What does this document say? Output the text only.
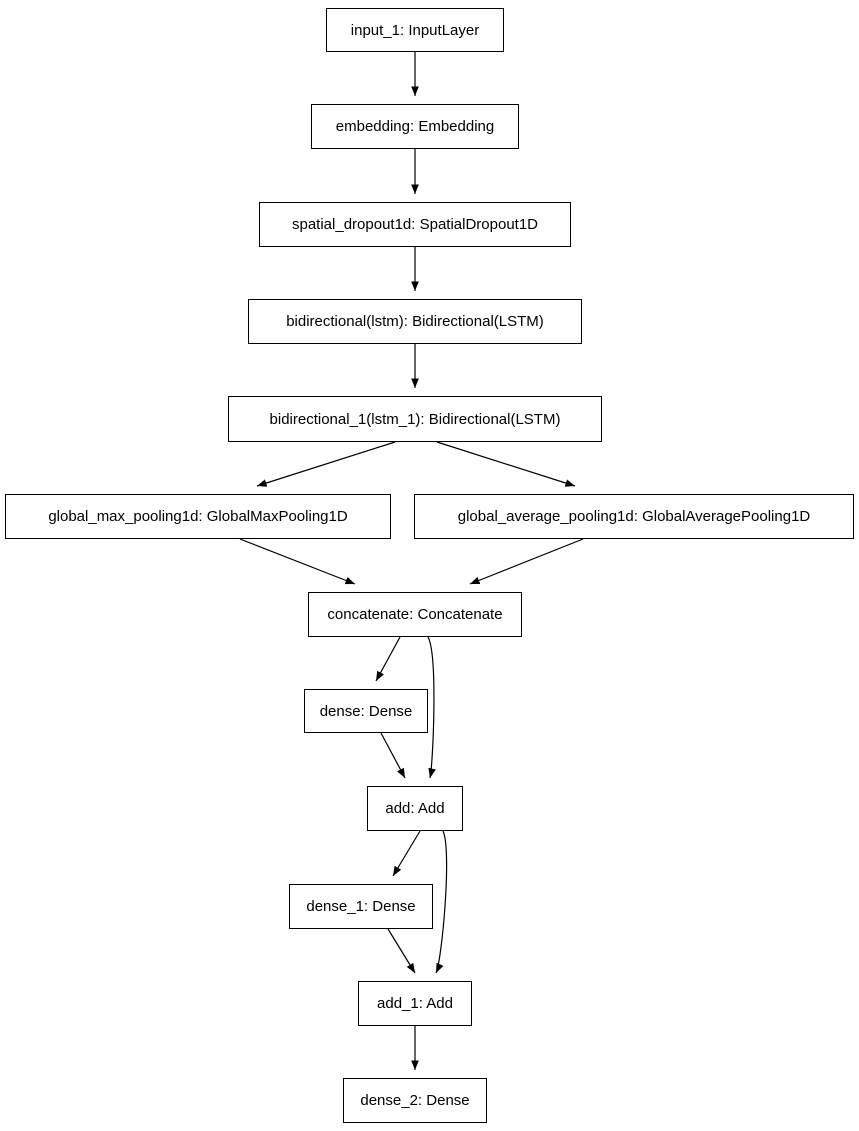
input_1: InputLayer
embedding: Embedding
spatial_dropout1d: SpatialDropout1D
bidirectional(lstm): Bidirectional(LSTM)
bidirectional_1(lstm_1): Bidirectional(LSTM)
global_max_pooling1d: GlobalMaxPooling1D	global_average_pooling1d: GlobalAveragePooling1D
concatenate: Concatenate
dense: Dense
add: Add
dense_1: Dense
add_1: Add
dense_2: Dense
